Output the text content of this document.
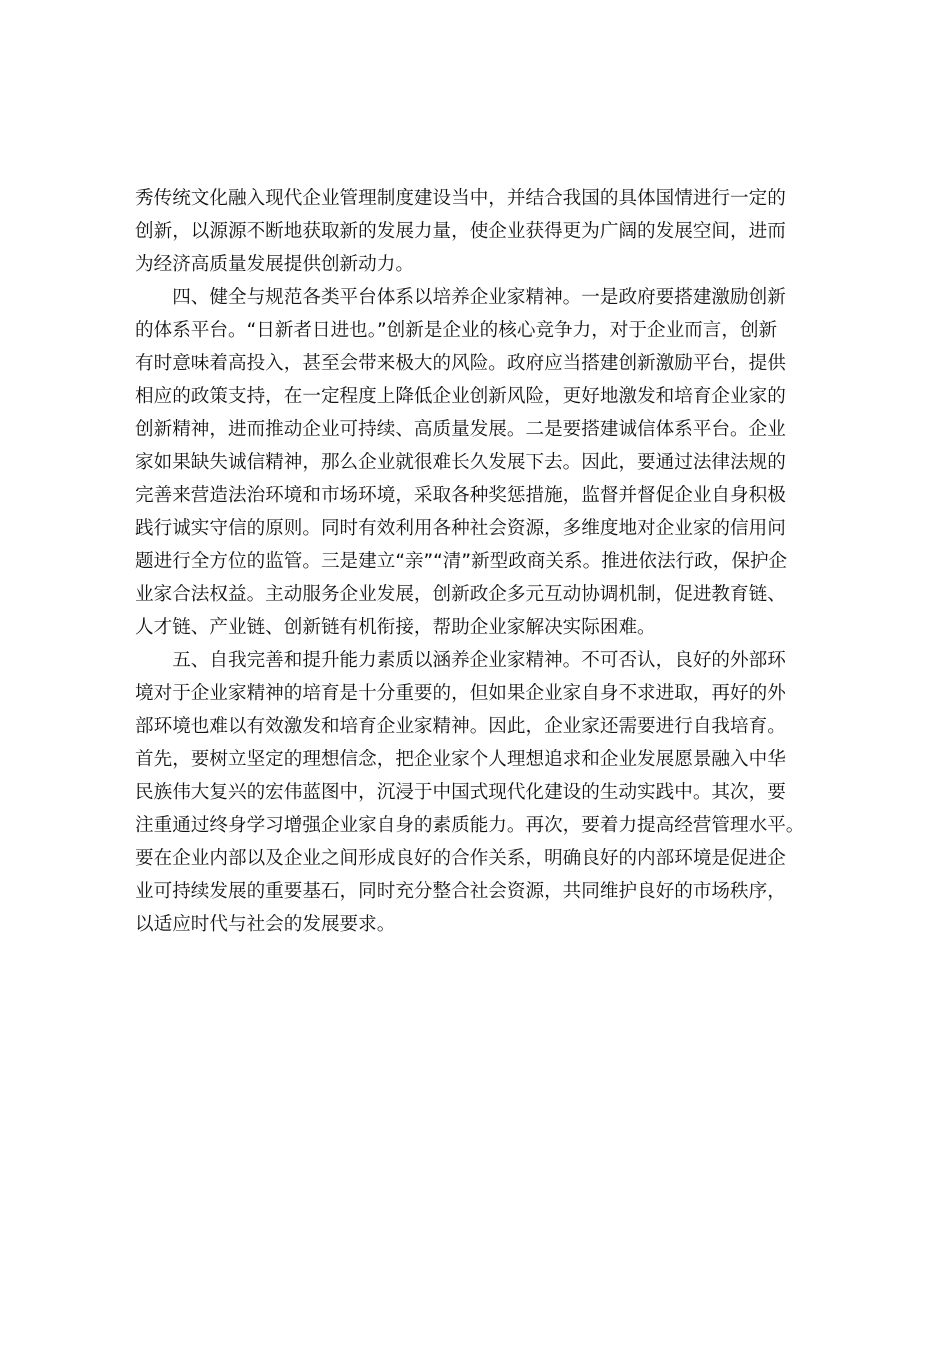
秀传统文化融入现代企业管理制度建设当中，并结合我国的具体国情进行一定的
创新，以源源不断地获取新的发展力量，使企业获得更为广阔的发展空间，进而
为经济高质量发展提供创新动力。
　　四、健全与规范各类平台体系以培养企业家精神。一是政府要搭建激励创新
的体系平台。“日新者日进也。”创新是企业的核心竞争力，对于企业而言，创新
有时意味着高投入，甚至会带来极大的风险。政府应当搭建创新激励平台，提供
相应的政策支持，在一定程度上降低企业创新风险，更好地激发和培育企业家的
创新精神，进而推动企业可持续、高质量发展。二是要搭建诚信体系平台。企业
家如果缺失诚信精神，那么企业就很难长久发展下去。因此，要通过法律法规的
完善来营造法治环境和市场环境，采取各种奖惩措施，监督并督促企业自身积极
践行诚实守信的原则。同时有效利用各种社会资源，多维度地对企业家的信用问
题进行全方位的监管。三是建立“亲”“清”新型政商关系。推进依法行政，保护企
业家合法权益。主动服务企业发展，创新政企多元互动协调机制，促进教育链、
人才链、产业链、创新链有机衔接，帮助企业家解决实际困难。
　　五、自我完善和提升能力素质以涵养企业家精神。不可否认，良好的外部环
境对于企业家精神的培育是十分重要的，但如果企业家自身不求进取，再好的外
部环境也难以有效激发和培育企业家精神。因此，企业家还需要进行自我培育。
首先，要树立坚定的理想信念，把企业家个人理想追求和企业发展愿景融入中华
民族伟大复兴的宏伟蓝图中，沉浸于中国式现代化建设的生动实践中。其次，要
注重通过终身学习增强企业家自身的素质能力。再次，要着力提高经营管理水平。
要在企业内部以及企业之间形成良好的合作关系，明确良好的内部环境是促进企
业可持续发展的重要基石，同时充分整合社会资源，共同维护良好的市场秩序，
以适应时代与社会的发展要求。
